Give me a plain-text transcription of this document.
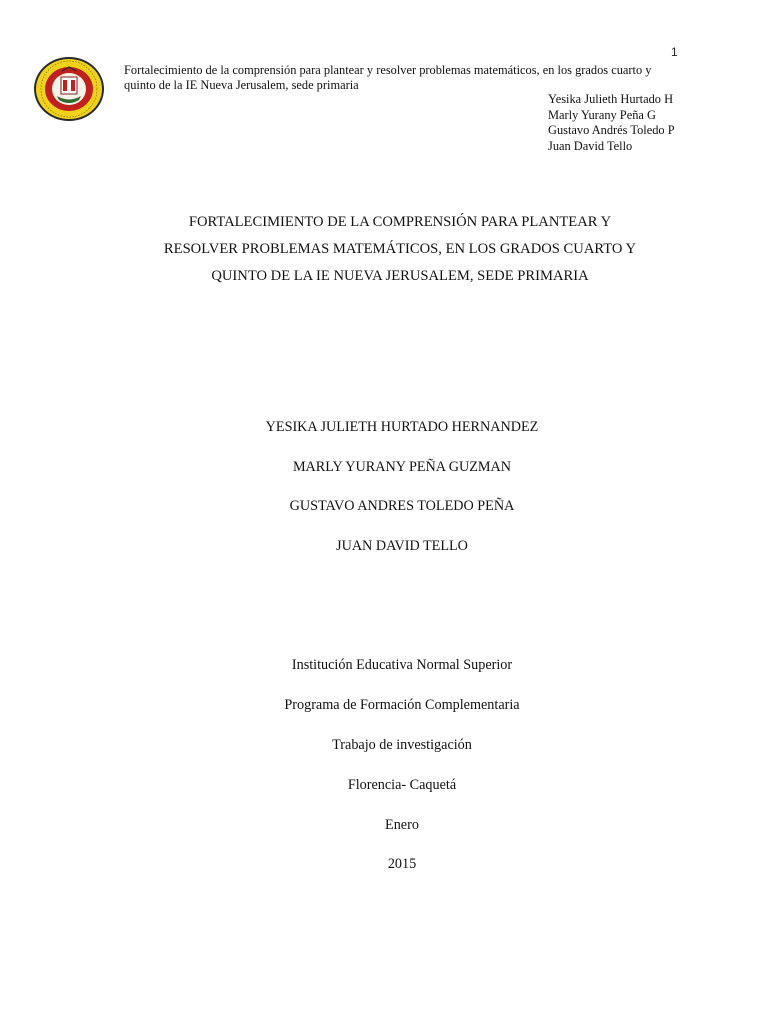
1
Fortalecimiento de la comprensión para plantear y resolver problemas matemáticos, en los grados cuarto y quinto de la IE Nueva Jerusalem, sede primaria
Yesika Julieth Hurtado H
Marly Yurany Peña G
Gustavo Andrés Toledo P
Juan David Tello
FORTALECIMIENTO DE LA COMPRENSIÓN PARA PLANTEAR Y
RESOLVER PROBLEMAS MATEMÁTICOS, EN LOS GRADOS CUARTO Y
QUINTO DE LA IE NUEVA JERUSALEM, SEDE PRIMARIA
YESIKA JULIETH HURTADO HERNANDEZ
MARLY YURANY PEÑA GUZMAN
GUSTAVO ANDRES TOLEDO PEÑA
JUAN DAVID TELLO
Institución Educativa Normal Superior
Programa de Formación Complementaria
Trabajo de investigación
Florencia- Caquetá
Enero
2015
